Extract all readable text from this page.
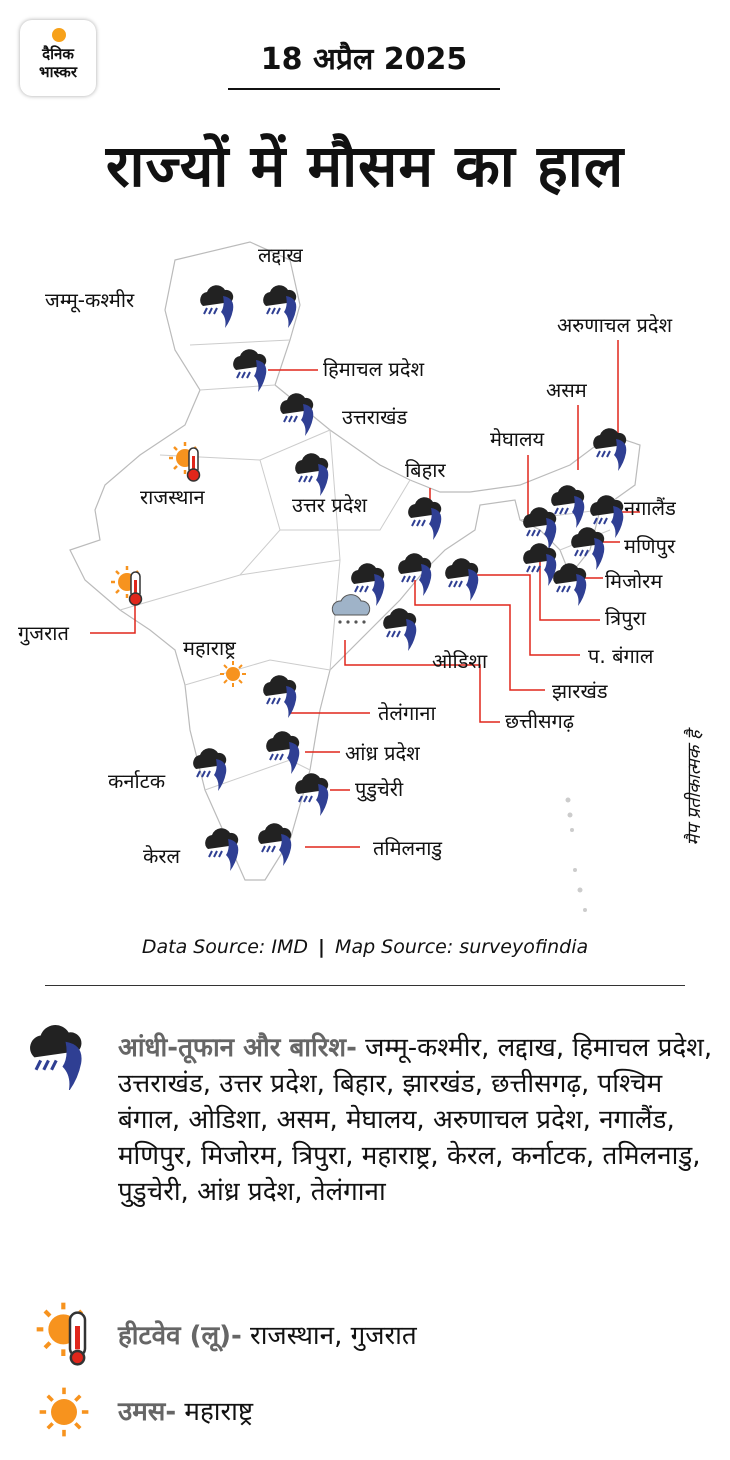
दैनिक
भास्कर	18 अप्रैल 2025
राज्यों में मौसम का हाल
लद्दाख
जम्मू-कश्मीर
हिमाचल प्रदेश
उत्तराखंड
राजस्थान	उत्तर प्रदेश
बिहार
गुजरात
महाराष्ट्र
ओडिशा
तेलंगाना	छत्तीसगढ़
आंध्र प्रदेश
कर्नाटक	पुडुचेरी
केरल	तमिलनाडु
अरुणाचल प्रदेश
असम
मेघालय
नगालैंड
मणिपुर
मिजोरम
त्रिपुरा
प. बंगाल
झारखंड
मैप प्रतीकात्मक है
Data Source: IMD | Map Source: surveyofindia
आंधी-तूफान और बारिश- जम्मू-कश्मीर, लद्दाख, हिमाचल प्रदेश, उत्तराखंड, उत्तर प्रदेश, बिहार, झारखंड, छत्तीसगढ़, पश्चिम बंगाल, ओडिशा, असम, मेघालय, अरुणाचल प्रदेश, नगालैंड, मणिपुर, मिजोरम, त्रिपुरा, महाराष्ट्र, केरल, कर्नाटक, तमिलनाडु, पुडुचेरी, आंध्र प्रदेश, तेलंगाना
हीटवेव (लू)- राजस्थान, गुजरात
उमस- महाराष्ट्र
